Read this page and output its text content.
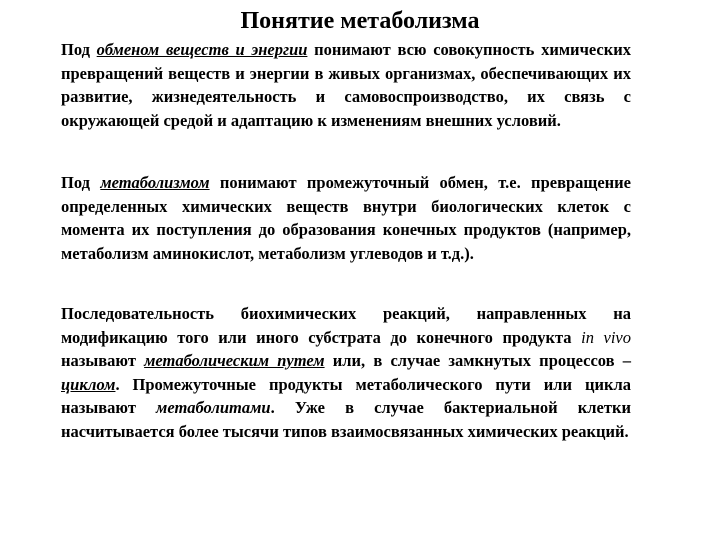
Понятие метаболизма

Под обменом веществ и энергии понимают всю совокупность химических превращений веществ и энергии в живых организмах, обеспечивающих их развитие, жизнедеятельность и самовоспроизводство, их связь с окружающей средой и адаптацию к изменениям внешних условий.

Под метаболизмом понимают промежуточный обмен, т.е. превращение определенных химических веществ внутри биологических клеток с момента их поступления до образования конечных продуктов (например, метаболизм аминокислот, метаболизм углеводов и т.д.).

Последовательность биохимических реакций, направленных на модификацию того или иного субстрата до конечного продукта in vivo называют метаболическим путем или, в случае замкнутых процессов – циклом. Промежуточные продукты метаболического пути или цикла называют метаболитами. Уже в случае бактериальной клетки насчитывается более тысячи типов взаимосвязанных химических реакций.
